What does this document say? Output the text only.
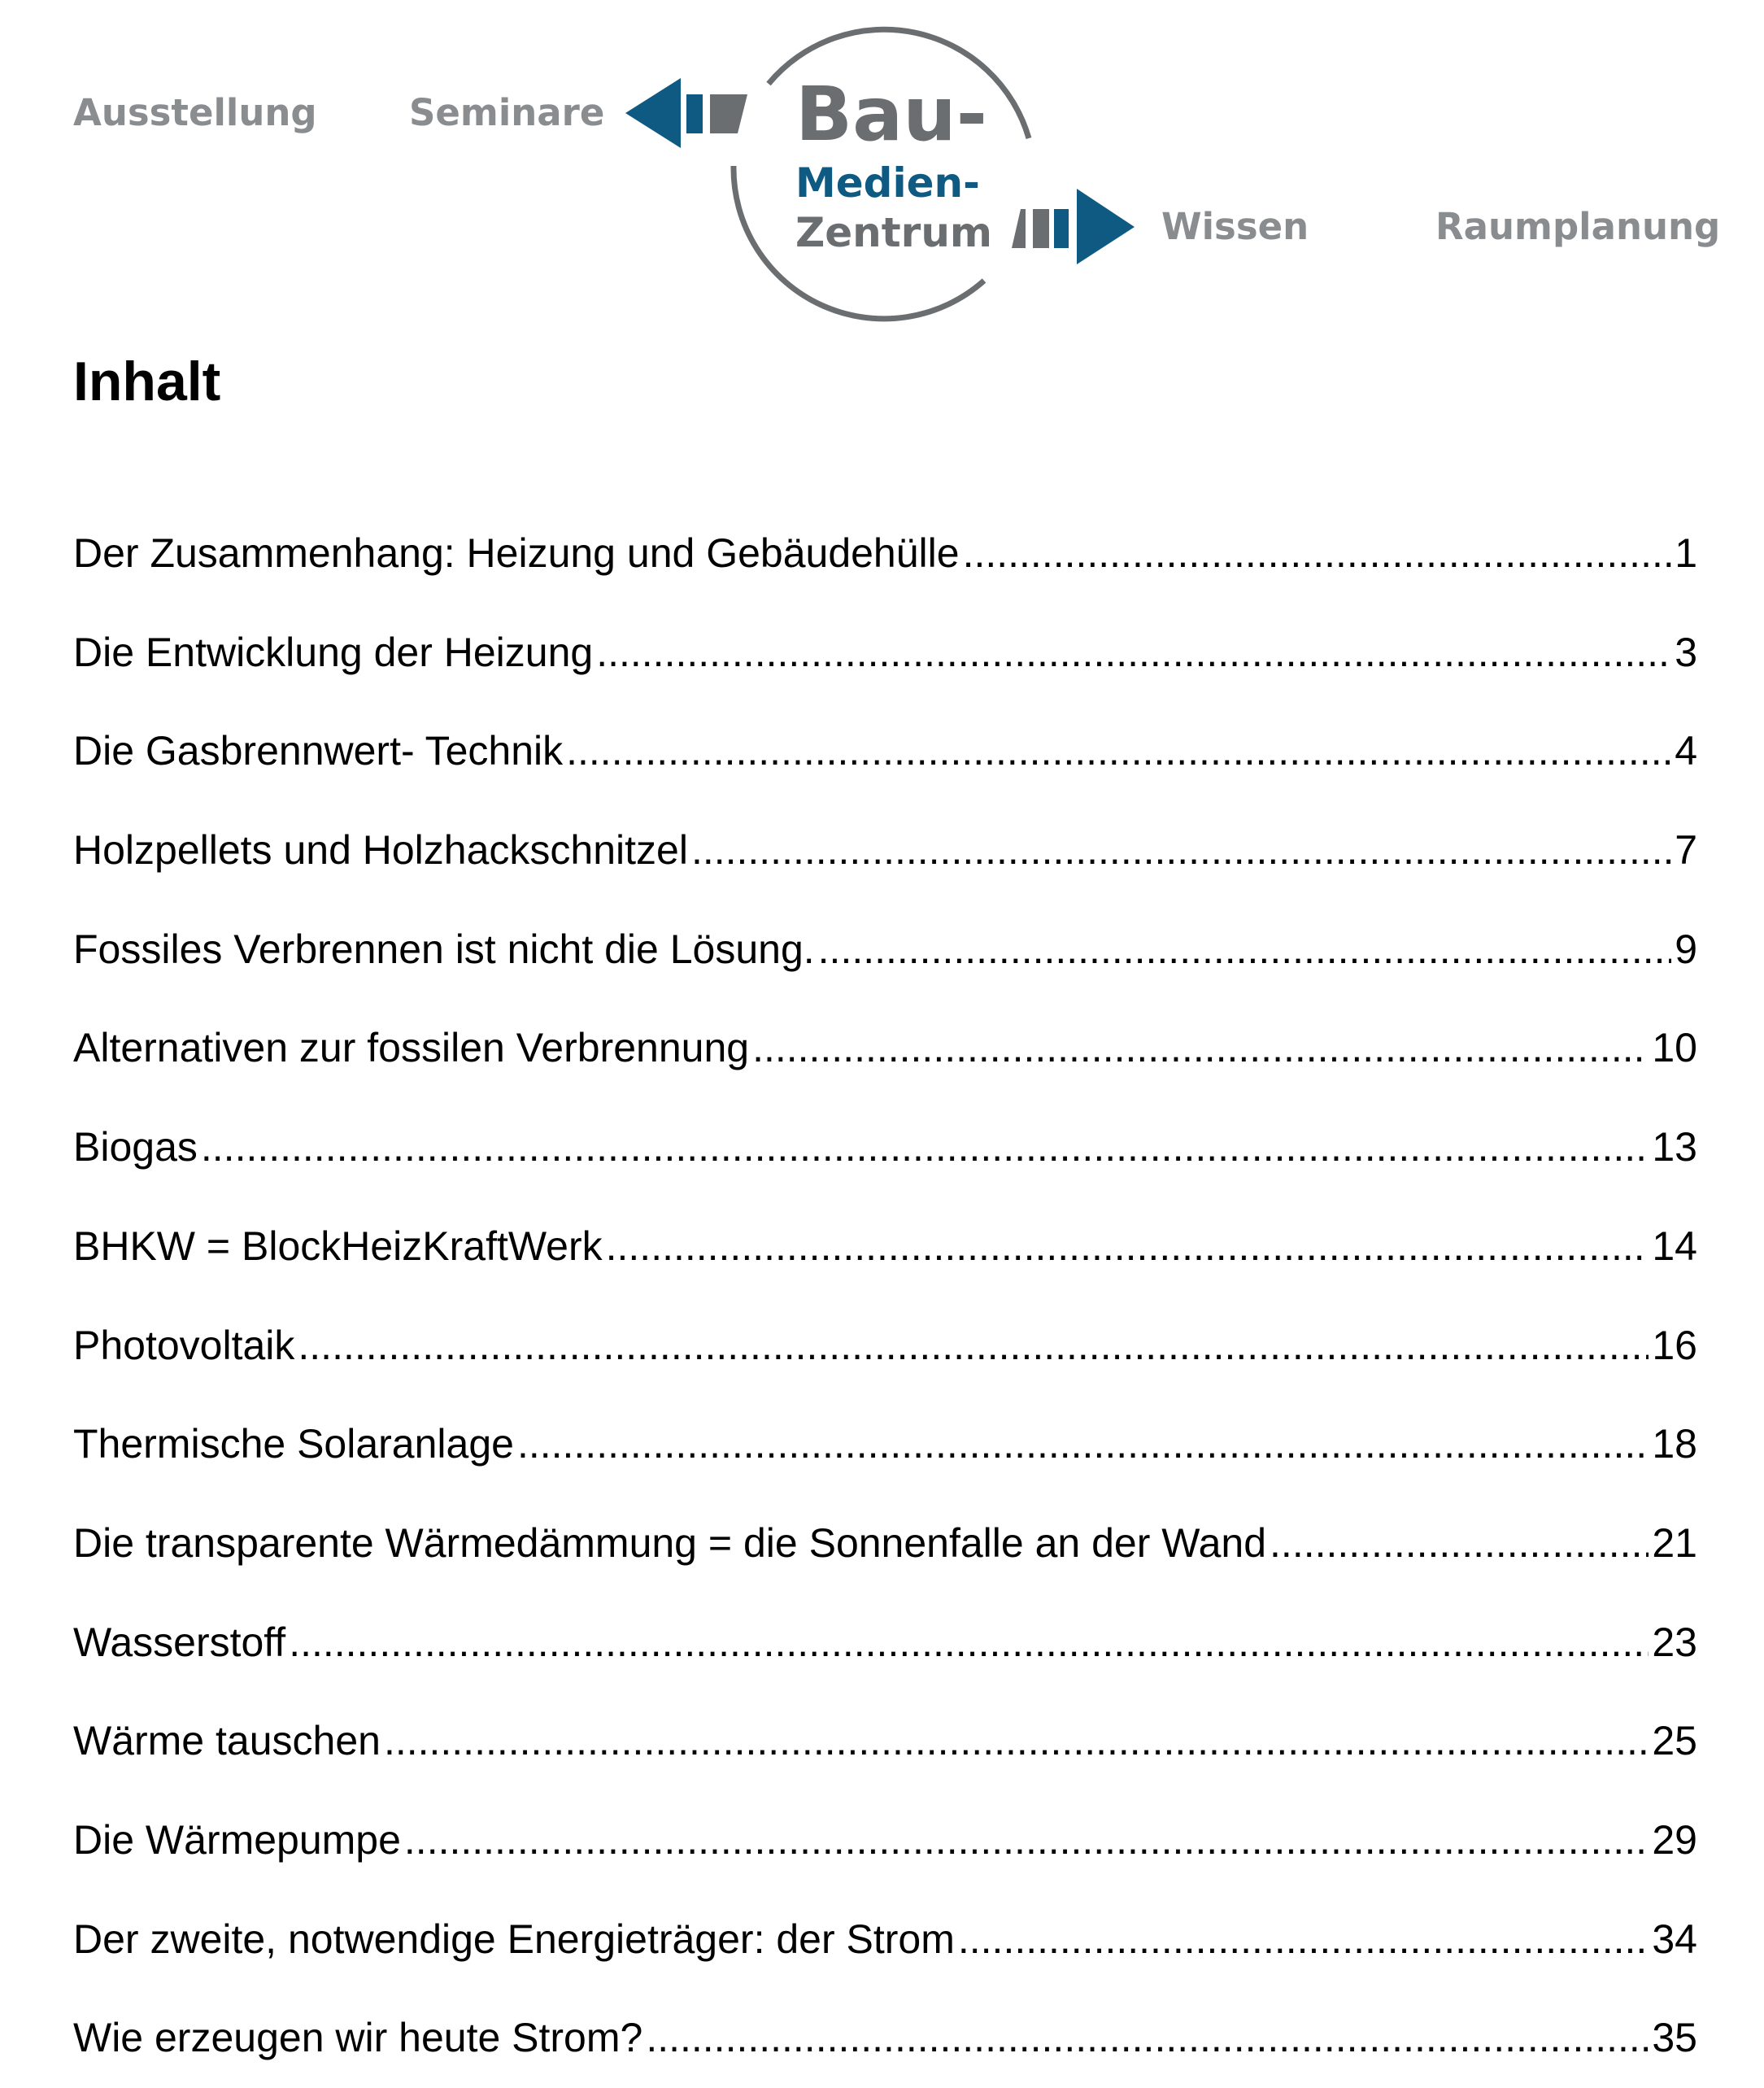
Ausstellung	Seminare
Wissen	Raumplanung
Bau-
Medien-
Zentrum
Inhalt
Der Zusammenhang: Heizung und Gebäudehülle .....	1
Die Entwicklung der Heizung .....	3
Die Gasbrennwert- Technik .....	4
Holzpellets und Holzhackschnitzel .....	7
Fossiles Verbrennen ist nicht die Lösung. .....	9
Alternativen zur fossilen Verbrennung .....	10
Biogas .....	13
BHKW = BlockHeizKraftWerk .....	14
Photovoltaik .....	16
Thermische Solaranlage .....	18
Die transparente Wärmedämmung = die Sonnenfalle an der Wand .....	21
Wasserstoff .....	23
Wärme tauschen .....	25
Die Wärmepumpe .....	29
Der zweite, notwendige Energieträger: der Strom .....	34
Wie erzeugen wir heute Strom? .....	35
